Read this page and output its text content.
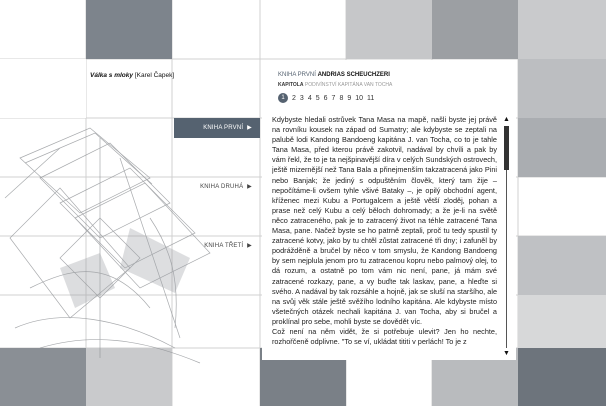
Válka s mloky [Karel Čapek]
KNIHA PRVNÍ ▶
KNIHA DRUHÁ ▶
KNIHA TŘETÍ ▶
KNIHA PRVNÍ ANDRIAS SCHEUCHZERI
KAPITOLA PODIVÍNSTVÍ KAPITÁNA VAN TOCHA
1	2 3 4 5 6 7 8 9 10 11

Kdybyste hledali ostrůvek Tana Masa na mapě, našli byste jej právě na rovníku kousek na západ od Sumatry; ale kdybyste se zeptali na palubě lodi Kandong Bandoeng kapitána J. van Tocha, co to je tahle Tana Masa, před kterou právě zakotvil, nadával by chvíli a pak by vám řekl, že to je ta nejšpinavější díra v celých Sundských ostrovech, ještě mizernější než Tana Bala a přinejmenším takzatracená jako Pini nebo Banjak; že jediný s odpuštěním člověk, který tam žije – nepočítáme-li ovšem tyhle všivé Bataky –, je opilý obchodní agent, kříženec mezi Kubu a Portugalcem a ještě větší zloděj, pohan a prase než celý Kubu a celý běloch dohromady; a že je-li na světě něco zatraceného, pak je to zatracený život na téhle zatracené Tana Masa, pane. Načež byste se ho patrně zeptali, proč tu tedy spustil ty zatracené kotvy, jako by tu chtěl zůstat zatracené tři dny; i zafuněl by podrážděně a bručel by něco v tom smyslu, že Kandong Bandoeng by sem nejplula jenom pro tu zatracenou kopru nebo palmový olej, to dá rozum, a ostatně po tom vám nic není, pane, já mám své zatracené rozkazy, pane, a vy buďte tak laskav, pane, a hleďte si svého. A nadával by tak rozsáhle a hojně, jak se sluší na staršího, ale na svůj věk stále ještě svěžího lodního kapitána. Ale kdybyste místo všetečných otázek nechali kapitána J. van Tocha, aby si bručel a proklínal pro sebe, mohli byste se dovědět víc.

Což není na něm vidět, že si potřebuje ulevit? Jen ho nechte, rozhořčeně odplivne. "To se ví, ukládat tititi v perlách! To je z

▲
▼
